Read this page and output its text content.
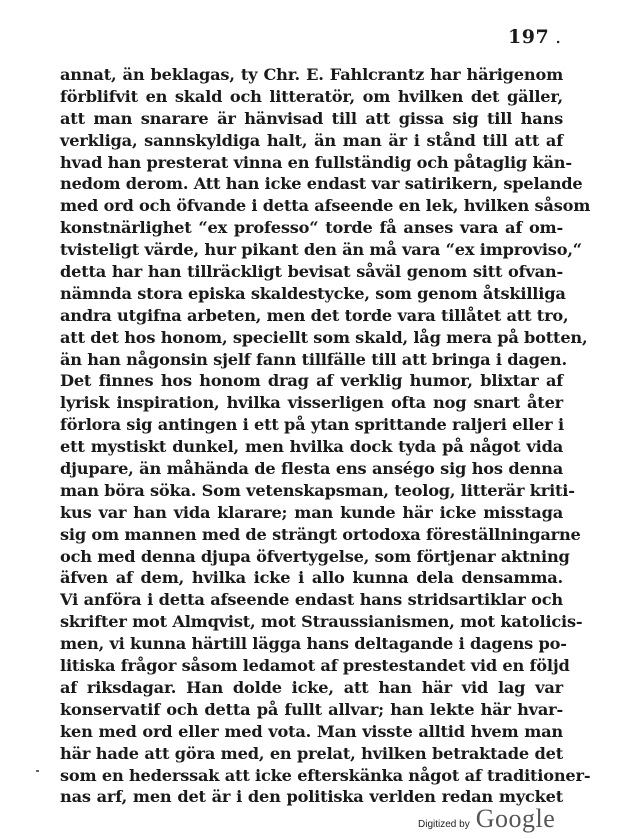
197 .
annat, än beklagas, ty Chr. E. Fahlcrantz har härigenom
förblifvit en skald och litteratör, om hvilken det gäller,
att man snarare är hänvisad till att gissa sig till hans
verkliga, sannskyldiga halt, än man är i stånd till att af
hvad han presterat vinna en fullständig och påtaglig kän-
nedom derom. Att han icke endast var satirikern, spelande
med ord och öfvande i detta afseende en lek, hvilken såsom
konstnärlighet “ex professo“ torde få anses vara af om-
tvisteligt värde, hur pikant den än må vara “ex improviso,“
detta har han tillräckligt bevisat såväl genom sitt ofvan-
nämnda stora episka skaldestycke, som genom åtskilliga
andra utgifna arbeten, men det torde vara tillåtet att tro,
att det hos honom, speciellt som skald, låg mera på botten,
än han någonsin sjelf fann tillfälle till att bringa i dagen.
Det finnes hos honom drag af verklig humor, blixtar af
lyrisk inspiration, hvilka visserligen ofta nog snart åter
förlora sig antingen i ett på ytan sprittande raljeri eller i
ett mystiskt dunkel, men hvilka dock tyda på något vida
djupare, än måhända de flesta ens anségo sig hos denna
man böra söka. Som vetenskapsman, teolog, litterär kriti-
kus var han vida klarare; man kunde här icke misstaga
sig om mannen med de strängt ortodoxa föreställningarne
och med denna djupa öfvertygelse, som förtjenar aktning
äfven af dem, hvilka icke i allo kunna dela densamma.
Vi anföra i detta afseende endast hans stridsartiklar och
skrifter mot Almqvist, mot Straussianismen, mot katolicis-
men, vi kunna härtill lägga hans deltagande i dagens po-
litiska frågor såsom ledamot af prestestandet vid en följd
af riksdagar. Han dolde icke, att han här vid lag var
konservatif och detta på fullt allvar; han lekte här hvar-
ken med ord eller med vota. Man visste alltid hvem man
här hade att göra med, en prelat, hvilken betraktade det
som en hederssak att icke efterskänka något af traditioner-
nas arf, men det är i den politiska verlden redan mycket
Digitized by Google
